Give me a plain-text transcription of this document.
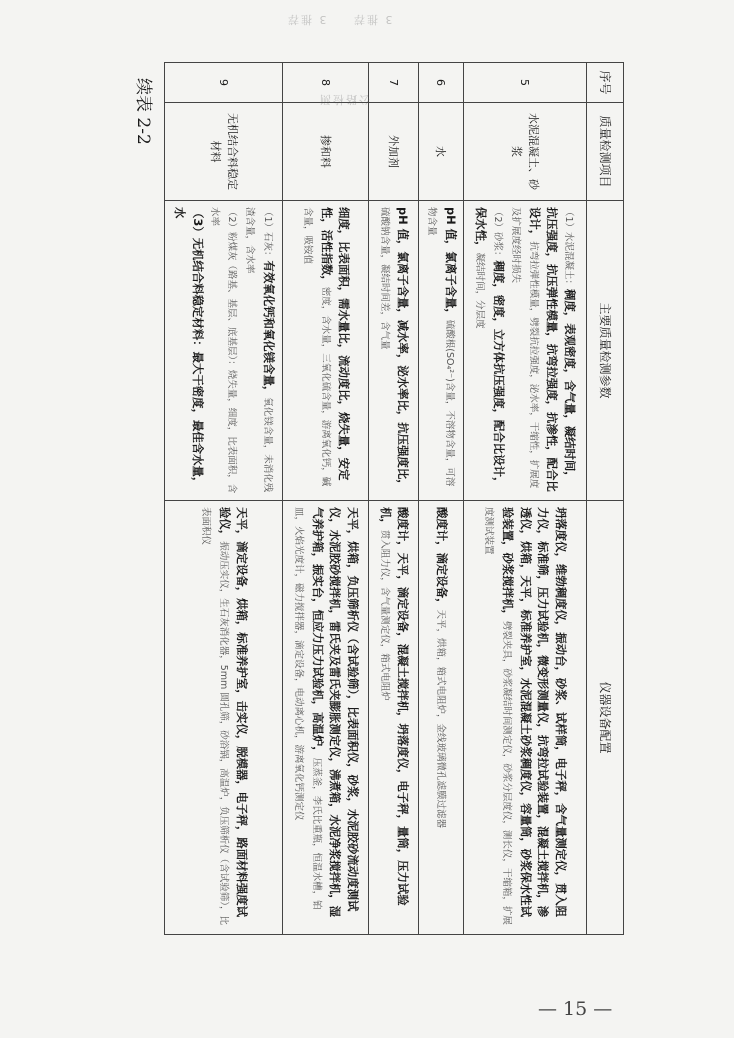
3 推荐
3 推荐
公路检测
序号	质量检测项目	主要质量检测参数	仪器设备配置
5	水泥混凝土、砂浆	（1）水泥混凝土：稠度，表观密度，含气量，凝结时间，抗压强度，抗压弹性模量，抗弯拉强度，抗渗性，配合比设计，抗弯拉弹性模量，劈裂抗拉强度，泌水率，干缩性，扩展度及扩展度经时损失
（2）砂浆：稠度，密度，立方体抗压强度，配合比设计，保水性，凝结时间，分层度	坍落度仪，维勃稠度仪，振动台，砂浆、试样筒，电子秤，含气量测定仪，贯入阻力仪，标准筛，压力试验机，微变形测量仪，抗弯拉试验装置，混凝土搅拌机，渗透仪，烘箱，天平，标准养护室，水泥混凝土砂浆稠度仪，容量筒，砂浆保水性试验装置，砂浆搅拌机，劈裂夹具，砂浆凝结时间测定仪，砂浆分层度仪，测长仪，干缩箱，扩展度测试装置
6	水	pH 值，氯离子含量，硫酸根(SO₄²⁻)含量，不溶物含量，可溶物含量	酸度计，滴定设备，天平，烘箱，箱式电阻炉，金线玻璃微孔滤膜过滤器
7	外加剂	pH 值，氯离子含量，减水率，泌水率比，抗压强度比，硫酸钠含量，凝结时间差，含气量	酸度计，天平，滴定设备，混凝土搅拌机，坍落度仪，电子秤，量筒，压力试验机，贯入阻力仪，含气量测定仪，箱式电阻炉
8	掺和料	细度，比表面积，需水量比，流动度比，烧失量，安定性，活性指数，密度，含水量，三氧化硫含量，游离氧化钙，碱含量，吸铵值	天平，烘箱，负压筛析仪（含试验筛），比表面积仪，砂浆，水泥胶砂流动度测试仪，水泥胶砂搅拌机，雷氏夹及雷氏夹膨胀测定仪，沸煮箱，水泥净浆搅拌机，湿气养护箱，振实台，恒应力压力试验机，高温炉，压蒸釜，李氏比重瓶，恒温水槽，铂皿，火焰光度计，磁力搅拌器，滴定设备，电动离心机，游离氧化钙测定仪
9	无机结合料稳定材料	（1）石灰：有效氧化钙和氧化镁含量，氧化镁含量，未消化残渣含量，含水率
（2）粉煤灰（路基、基层、底基层）：烧失量，细度，比表面积，含水率
（3）无机结合料稳定材料：最大干密度，最佳含水量，水	天平，滴定设备，烘箱，标准养护室，击实仪，脱模器，电子秤，路面材料强度试验仪，振动压实仪，生石灰消化器，5mm 圆孔筛，砂浴锅，高温炉，负压筛析仪（含试验筛），比表面积仪
续表 2-2
— 15 —
